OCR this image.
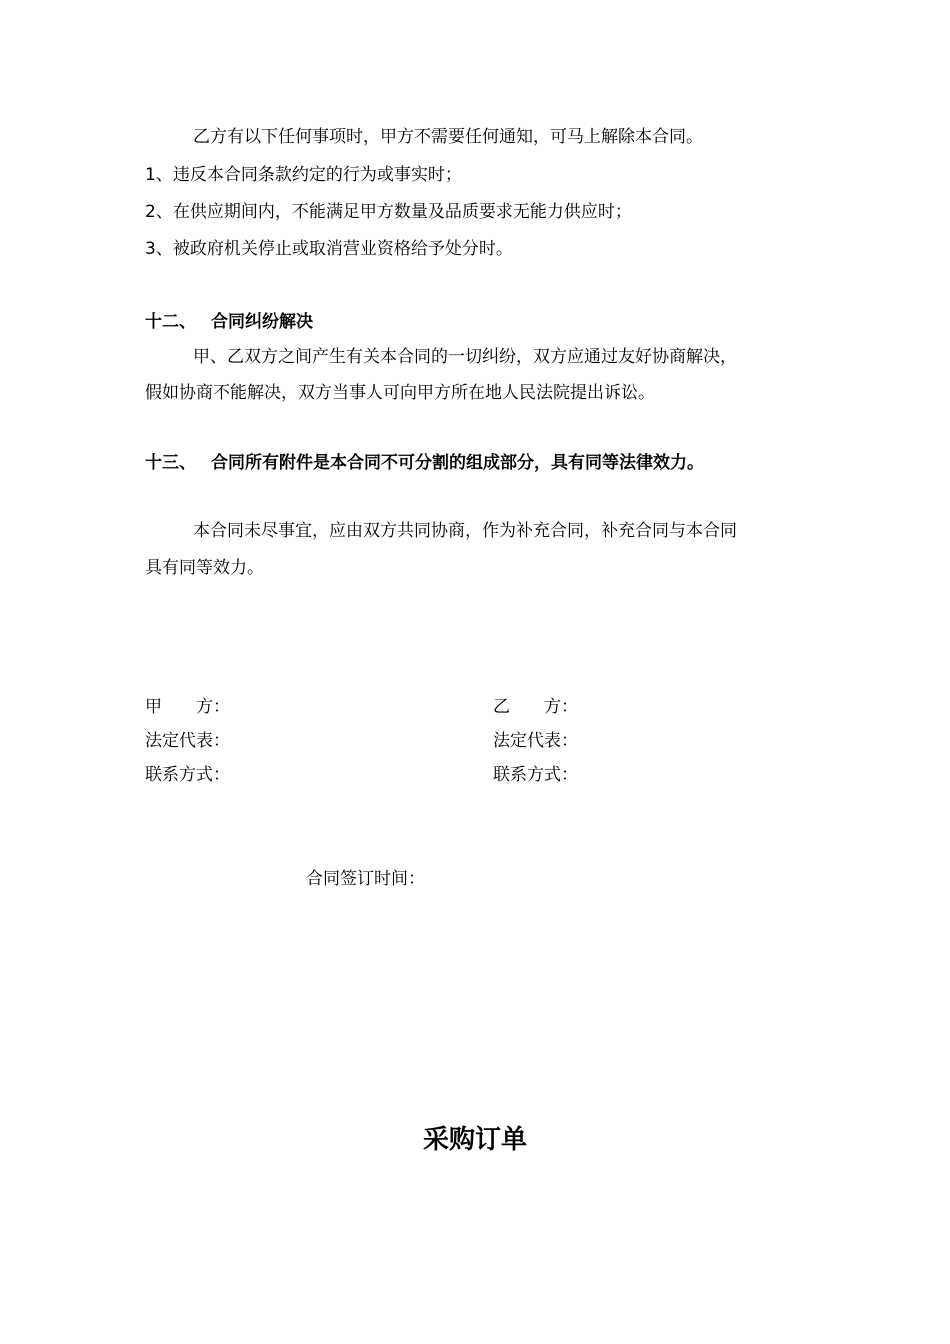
乙方有以下任何事项时，甲方不需要任何通知，可马上解除本合同。
1、违反本合同条款约定的行为或事实时；
2、在供应期间内，不能满足甲方数量及品质要求无能力供应时；
3、被政府机关停止或取消营业资格给予处分时。
十二、 合同纠纷解决
甲、乙双方之间产生有关本合同的一切纠纷，双方应通过友好协商解决，
假如协商不能解决，双方当事人可向甲方所在地人民法院提出诉讼。
十三、 合同所有附件是本合同不可分割的组成部分，具有同等法律效力。
本合同未尽事宜，应由双方共同协商，作为补充合同，补充合同与本合同
具有同等效力。
甲　　方：
法定代表：
联系方式：
乙　　方：
法定代表：
联系方式：
合同签订时间：
采购订单
